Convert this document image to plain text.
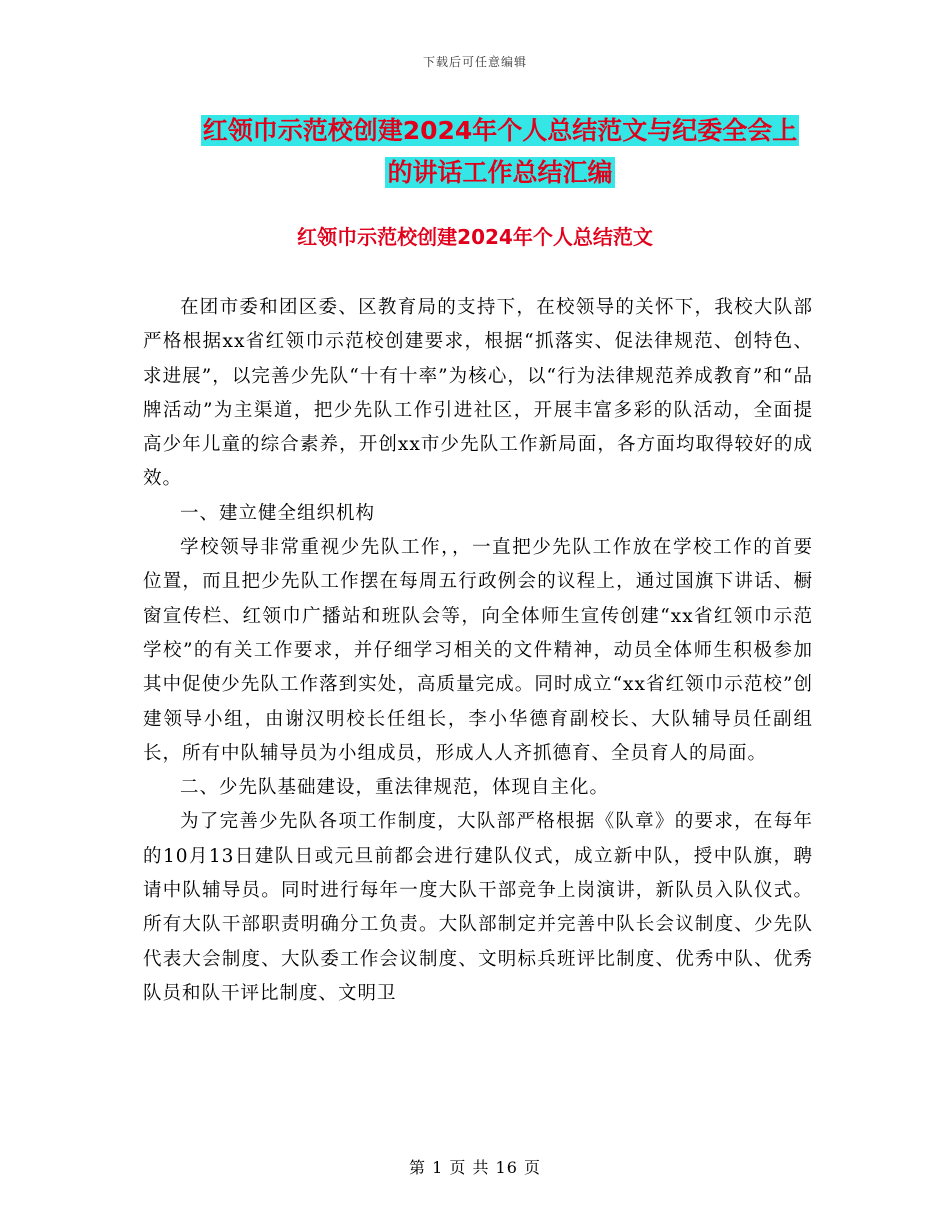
下载后可任意编辑
红领巾示范校创建2024年个人总结范文与纪委全会上
的讲话工作总结汇编
红领巾示范校创建2024年个人总结范文

在团市委和团区委、区教育局的支持下，在校领导的关怀下，我校大队部严格根据xx省红领巾示范校创建要求，根据“抓落实、促法律规范、创特色、求进展”，以完善少先队“十有十率”为核心，以“行为法律规范养成教育”和“品牌活动”为主渠道，把少先队工作引进社区，开展丰富多彩的队活动，全面提高少年儿童的综合素养，开创xx市少先队工作新局面，各方面均取得较好的成效。

一、建立健全组织机构

学校领导非常重视少先队工作，，一直把少先队工作放在学校工作的首要位置，而且把少先队工作摆在每周五行政例会的议程上，通过国旗下讲话、橱窗宣传栏、红领巾广播站和班队会等，向全体师生宣传创建“xx省红领巾示范学校”的有关工作要求，并仔细学习相关的文件精神，动员全体师生积极参加其中促使少先队工作落到实处，高质量完成。同时成立“xx省红领巾示范校”创建领导小组，由谢汉明校长任组长，李小华德育副校长、大队辅导员任副组长，所有中队辅导员为小组成员，形成人人齐抓德育、全员育人的局面。

二、少先队基础建设，重法律规范，体现自主化。

为了完善少先队各项工作制度，大队部严格根据《队章》的要求，在每年的10月13日建队日或元旦前都会进行建队仪式，成立新中队，授中队旗，聘请中队辅导员。同时进行每年一度大队干部竞争上岗演讲，新队员入队仪式。所有大队干部职责明确分工负责。大队部制定并完善中队长会议制度、少先队代表大会制度、大队委工作会议制度、文明标兵班评比制度、优秀中队、优秀队员和队干评比制度、文明卫

第 1 页 共 16 页
